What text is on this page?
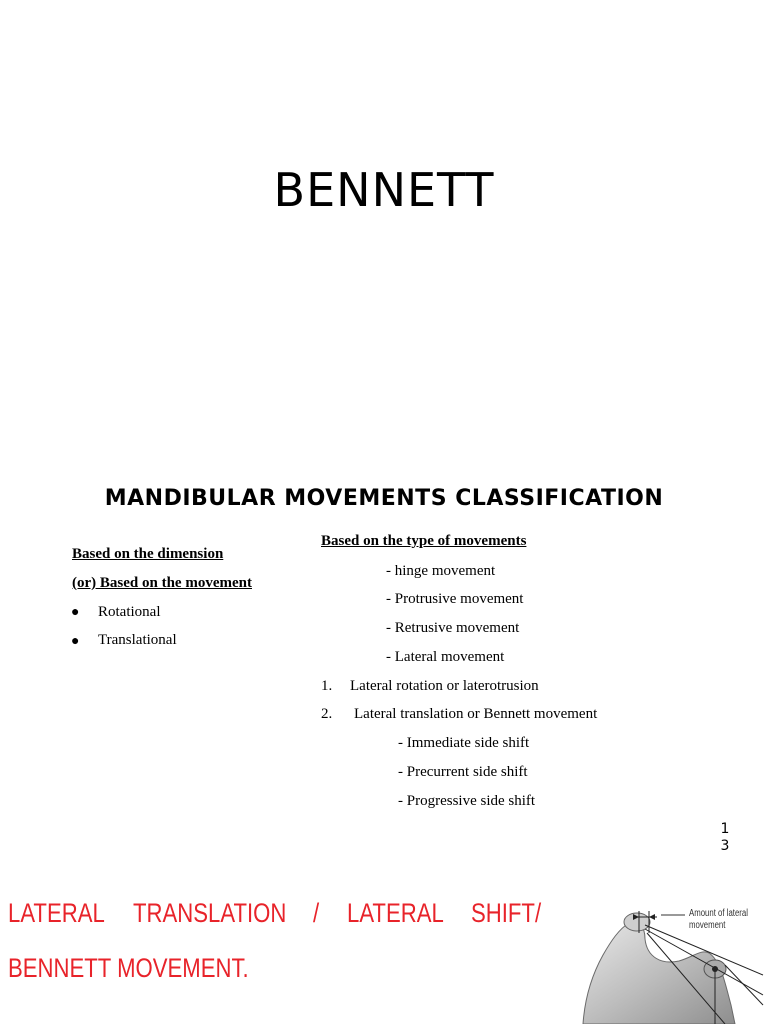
BENNETT
MANDIBULAR MOVEMENTS CLASSIFICATION
Based on the dimension
(or) Based on the movement
● Rotational
● Translational
Based on the type of movements
- hinge movement
- Protrusive movement
- Retrusive movement
- Lateral movement
1. Lateral rotation or laterotrusion
2. Lateral translation or Bennett movement
- Immediate side shift
- Precurrent side shift
- Progressive side shift
1
3
LATERAL TRANSLATION / LATERAL SHIFT/
BENNETT MOVEMENT.
Amount of lateral
movement
